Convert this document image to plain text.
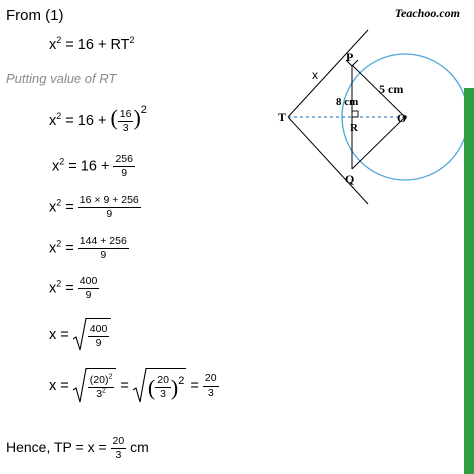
Teachoo.com
From (1)
$x^2 = 16 + RT^2$
Putting value of RT
$x^2 = 16$ + ( $\frac{16}{3} )^2$
$x^2 = 16 + \frac{256}{9}$
$x^2 = \frac{16 \times 9 + 256}{9}$
$x^2 = \frac{144 + 256}{9}$
$x^2 = \frac{400}{9}$
$x = \frac{400}{9}$
$x = \frac{(20)^2}{3^2}$ = ( $\frac{20}{3} )^2 = \frac{20}{3}$
Hence, TP = $x = \frac{20}{3}$ cm
P
Q
T	O
R
x
5 cm
8 cm
